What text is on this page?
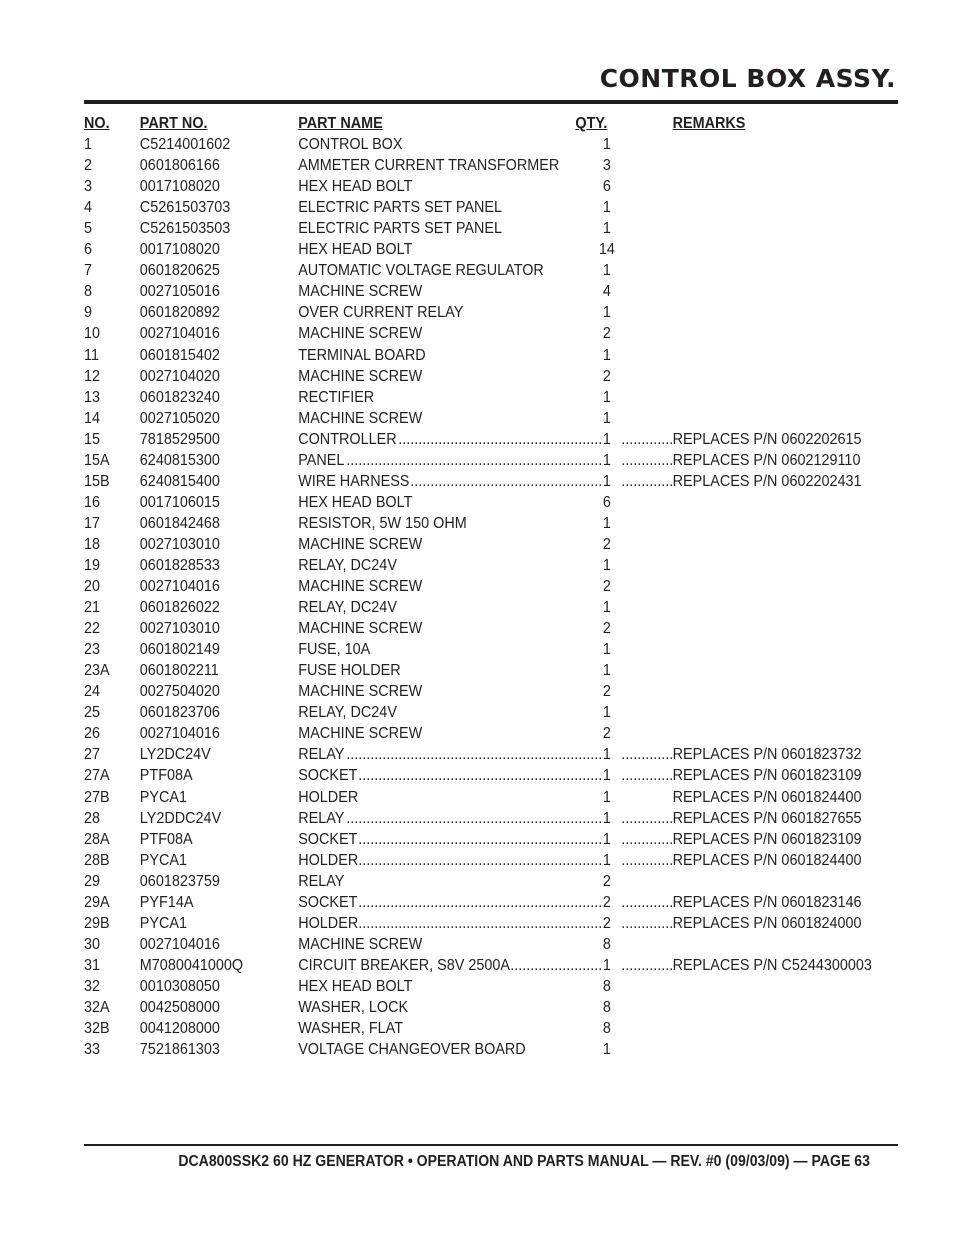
CONTROL BOX ASSY.
NO. PART NO.	PART NAME	QTY.	REMARKS
1	C5214001602	CONTROL BOX	1
2	0601806166	AMMETER CURRENT TRANSFORMER	3
3	0017108020	HEX HEAD BOLT	6
4	C5261503703	ELECTRIC PARTS SET PANEL	1
5	C5261503503	ELECTRIC PARTS SET PANEL	1
6	0017108020	HEX HEAD BOLT	14
7	0601820625	AUTOMATIC VOLTAGE REGULATOR	1
8	0027105016	MACHINE SCREW	4
9	0601820892	OVER CURRENT RELAY	1
10 0027104016	MACHINE SCREW	2
11	0601815402	TERMINAL BOARD	1
12 0027104020	MACHINE SCREW	2
13 0601823240	RECTIFIER	1
14 0027105020	MACHINE SCREW	1
.....
.....
15 7818529500	CONTROLLER	1	REPLACES P/N 0602202615
.....
.....
15A 6240815300	PANEL	1	REPLACES P/N 0602129110
.....
.....
15B 6240815400	WIRE HARNESS	1	REPLACES P/N 0602202431
16 0017106015	HEX HEAD BOLT	6
17 0601842468	RESISTOR, 5W 150 OHM	1
18 0027103010	MACHINE SCREW	2
19 0601828533	RELAY, DC24V	1
20 0027104016	MACHINE SCREW	2
21 0601826022	RELAY, DC24V	1
22 0027103010	MACHINE SCREW	2
23 0601802149	FUSE, 10A	1
23A 0601802211	FUSE HOLDER	1
24 0027504020	MACHINE SCREW	2
25 0601823706	RELAY, DC24V	1
26 0027104016	MACHINE SCREW	2
.....
.....
27 LY2DC24V	RELAY	1	REPLACES P/N 0601823732
.....
.....
27A PTF08A	SOCKET	1	REPLACES P/N 0601823109
27B PYCA1	HOLDER	1	REPLACES P/N 0601824400
.....
.....
28 LY2DDC24V	RELAY	1	REPLACES P/N 0601827655
.....
.....
28A PTF08A	SOCKET	1	REPLACES P/N 0601823109
.....
.....
28B PYCA1	HOLDER	1	REPLACES P/N 0601824400
29 0601823759	RELAY	2
.....
.....
29A PYF14A	SOCKET	2	REPLACES P/N 0601823146
.....
.....
29B PYCA1	HOLDER	2	REPLACES P/N 0601824000
30 0027104016	MACHINE SCREW	8
.....
.....
31 M7080041000Q	CIRCUIT BREAKER, S8V 2500A	1	REPLACES P/N C5244300003
32 0010308050	HEX HEAD BOLT	8
32A 0042508000	WASHER, LOCK	8
32B 0041208000	WASHER, FLAT	8
33 7521861303	VOLTAGE CHANGEOVER BOARD	1
DCA800SSK2 60 HZ GENERATOR • OPERATION AND PARTS MANUAL — REV. #0 (09/03/09) — PAGE 63
